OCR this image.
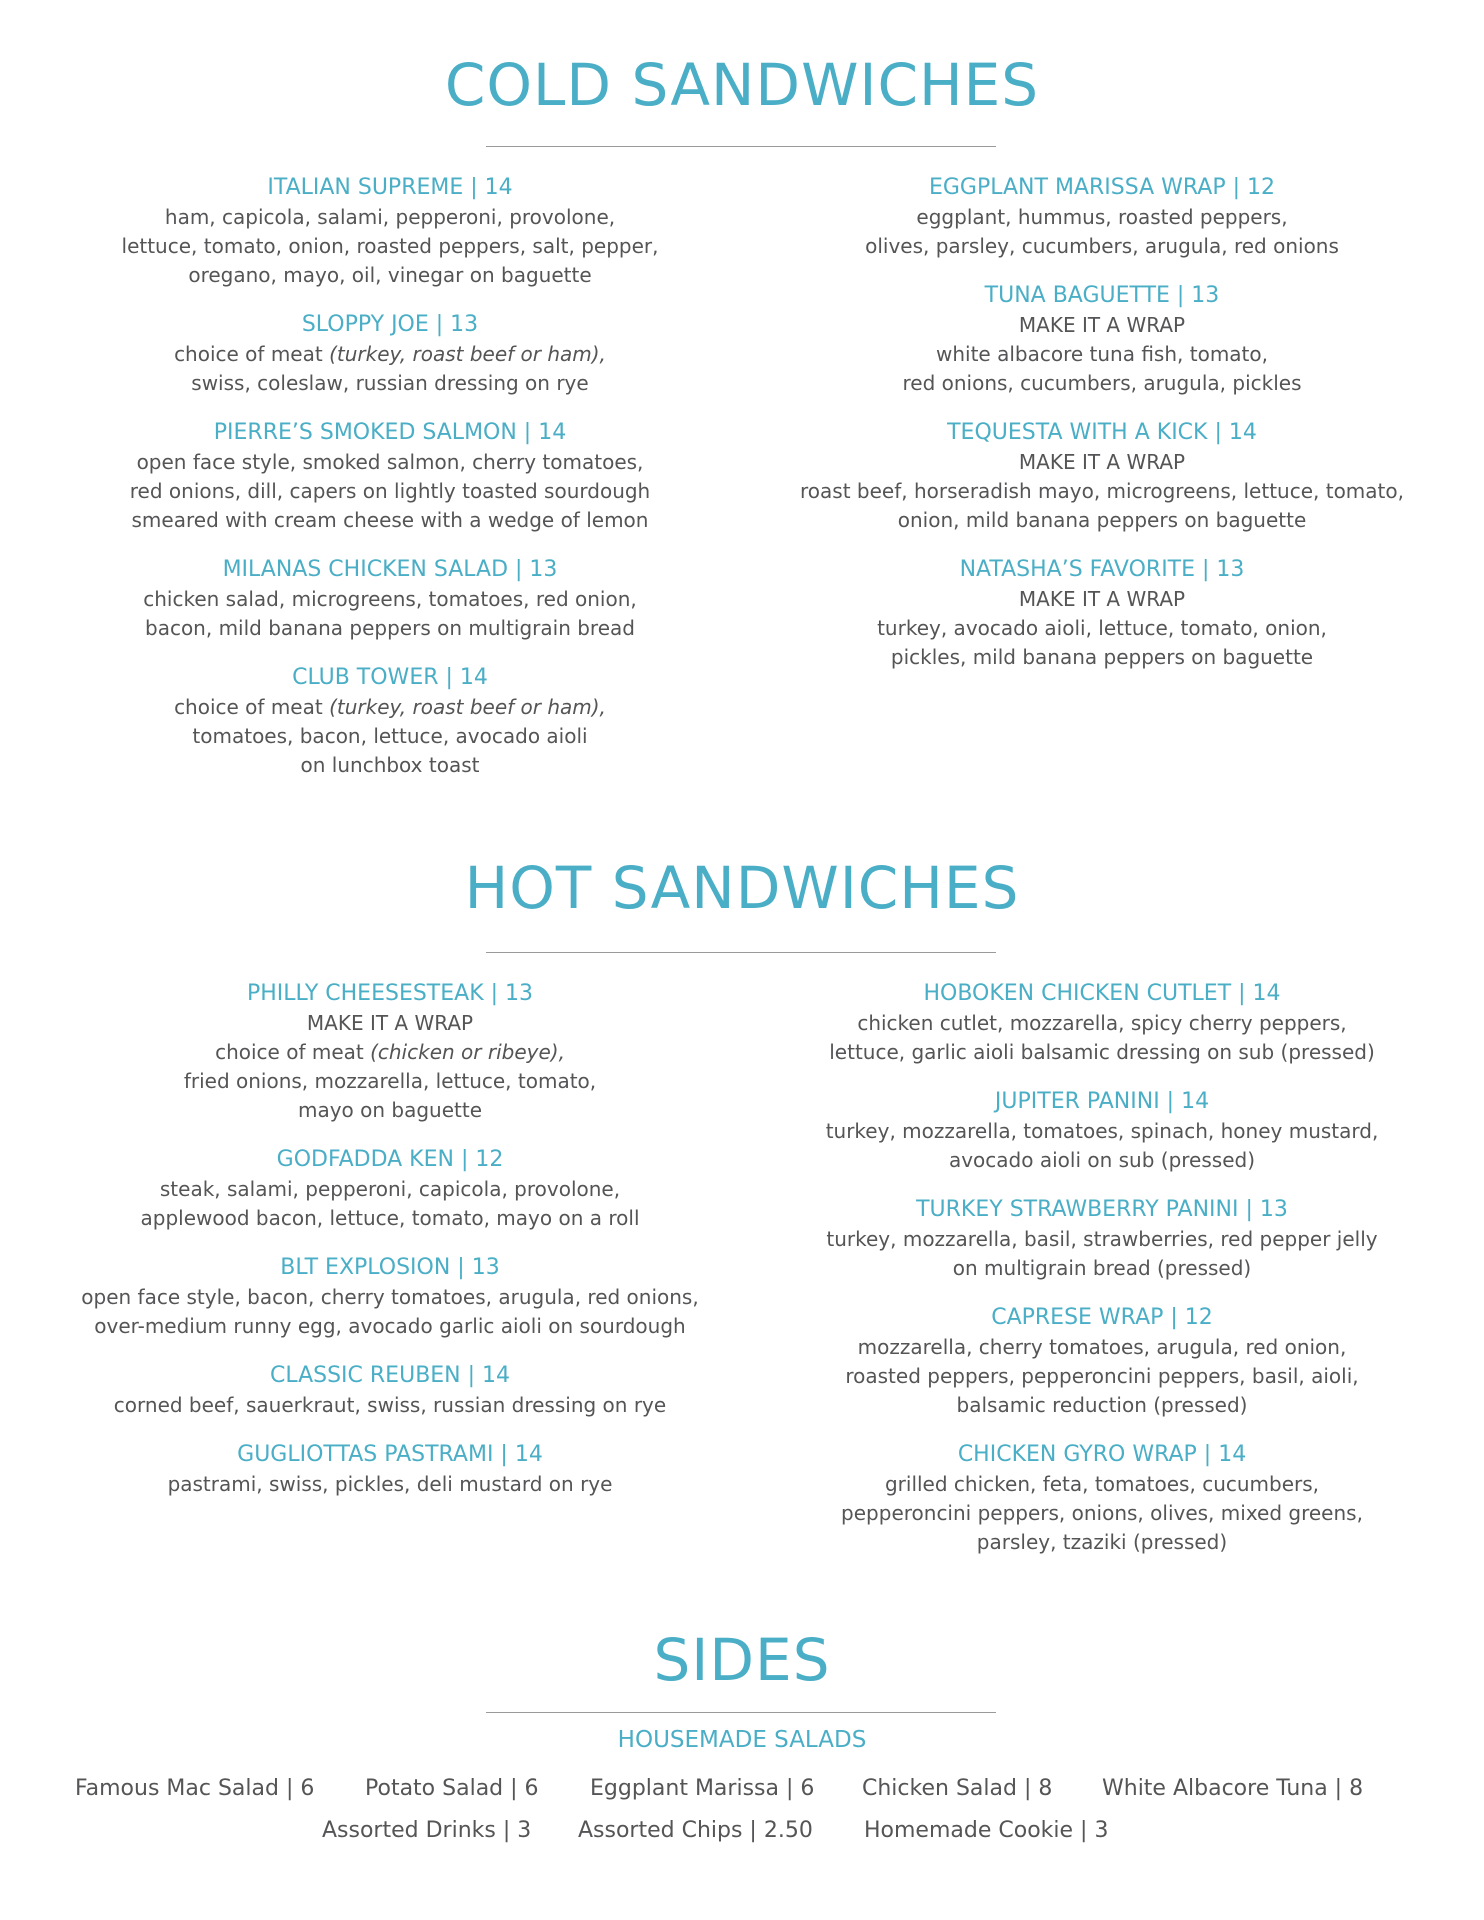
COLD SANDWICHES
ITALIAN SUPREME | 14
ham, capicola, salami, pepperoni, provolone,
lettuce, tomato, onion, roasted peppers, salt, pepper,
oregano, mayo, oil, vinegar on baguette
SLOPPY JOE | 13
choice of meat (turkey, roast beef or ham),
swiss, coleslaw, russian dressing on rye
PIERRE’S SMOKED SALMON | 14
open face style, smoked salmon, cherry tomatoes,
red onions, dill, capers on lightly toasted sourdough
smeared with cream cheese with a wedge of lemon
MILANAS CHICKEN SALAD | 13
chicken salad, microgreens, tomatoes, red onion,
bacon, mild banana peppers on multigrain bread
CLUB TOWER | 14
choice of meat (turkey, roast beef or ham),
tomatoes, bacon, lettuce, avocado aioli
on lunchbox toast
EGGPLANT MARISSA WRAP | 12
eggplant, hummus, roasted peppers,
olives, parsley, cucumbers, arugula, red onions
TUNA BAGUETTE | 13
MAKE IT A WRAP
white albacore tuna fish, tomato,
red onions, cucumbers, arugula, pickles
TEQUESTA WITH A KICK | 14
MAKE IT A WRAP
roast beef, horseradish mayo, microgreens, lettuce, tomato,
onion, mild banana peppers on baguette
NATASHA’S FAVORITE | 13
MAKE IT A WRAP
turkey, avocado aioli, lettuce, tomato, onion,
pickles, mild banana peppers on baguette
HOT SANDWICHES
PHILLY CHEESESTEAK | 13
MAKE IT A WRAP
choice of meat (chicken or ribeye),
fried onions, mozzarella, lettuce, tomato,
mayo on baguette
GODFADDA KEN | 12
steak, salami, pepperoni, capicola, provolone,
applewood bacon, lettuce, tomato, mayo on a roll
BLT EXPLOSION | 13
open face style, bacon, cherry tomatoes, arugula, red onions,
over-medium runny egg, avocado garlic aioli on sourdough
CLASSIC REUBEN | 14
corned beef, sauerkraut, swiss, russian dressing on rye
GUGLIOTTAS PASTRAMI | 14
pastrami, swiss, pickles, deli mustard on rye
HOBOKEN CHICKEN CUTLET | 14
chicken cutlet, mozzarella, spicy cherry peppers,
lettuce, garlic aioli balsamic dressing on sub (pressed)
JUPITER PANINI | 14
turkey, mozzarella, tomatoes, spinach, honey mustard,
avocado aioli on sub (pressed)
TURKEY STRAWBERRY PANINI | 13
turkey, mozzarella, basil, strawberries, red pepper jelly
on multigrain bread (pressed)
CAPRESE WRAP | 12
mozzarella, cherry tomatoes, arugula, red onion,
roasted peppers, pepperoncini peppers, basil, aioli,
balsamic reduction (pressed)
CHICKEN GYRO WRAP | 14
grilled chicken, feta, tomatoes, cucumbers,
pepperoncini peppers, onions, olives, mixed greens,
parsley, tzaziki (pressed)
SIDES
HOUSEMADE SALADS
Famous Mac Salad | 6 Potato Salad | 6 Eggplant Marissa | 6 Chicken Salad | 8 White Albacore Tuna | 8
Assorted Drinks | 3 Assorted Chips | 2.50 Homemade Cookie | 3
